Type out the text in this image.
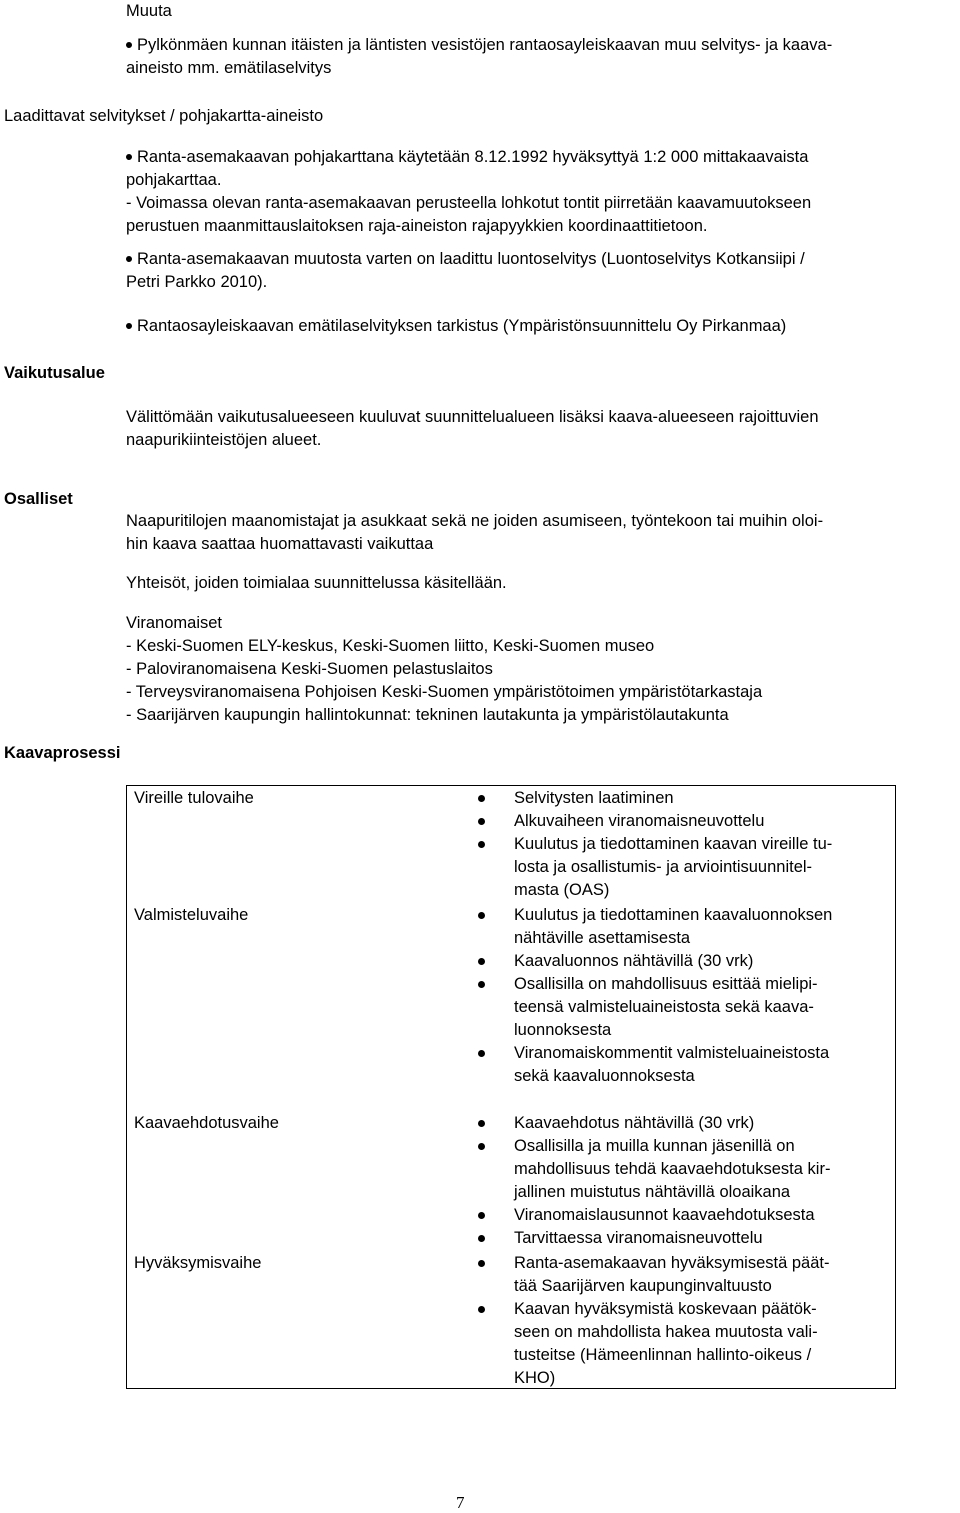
Muuta
Pylkönmäen kunnan itäisten ja läntisten vesistöjen rantaosayleiskaavan muu selvitys- ja kaava-
aineisto mm. emätilaselvitys
Laadittavat selvitykset / pohjakartta-aineisto
Ranta-asemakaavan pohjakarttana käytetään 8.12.1992 hyväksyttyä 1:2 000 mittakaavaista
pohjakarttaa.
- Voimassa olevan ranta-asemakaavan perusteella lohkotut tontit piirretään kaavamuutokseen
perustuen maanmittauslaitoksen raja-aineiston rajapyykkien koordinaattitietoon.
Ranta-asemakaavan muutosta varten on laadittu luontoselvitys (Luontoselvitys Kotkansiipi /
Petri Parkko 2010).
Rantaosayleiskaavan emätilaselvityksen tarkistus (Ympäristönsuunnittelu Oy Pirkanmaa)
Vaikutusalue
Välittömään vaikutusalueeseen kuuluvat suunnittelualueen lisäksi kaava-alueeseen rajoittuvien
naapurikiinteistöjen alueet.
Osalliset
Naapuritilojen maanomistajat ja asukkaat sekä ne joiden asumiseen, työntekoon tai muihin oloi-
hin kaava saattaa huomattavasti vaikuttaa
Yhteisöt, joiden toimialaa suunnittelussa käsitellään.
Viranomaiset
- Keski-Suomen ELY-keskus, Keski-Suomen liitto, Keski-Suomen museo
- Paloviranomaisena Keski-Suomen pelastuslaitos
- Terveysviranomaisena Pohjoisen Keski-Suomen ympäristötoimen ympäristötarkastaja
- Saarijärven kaupungin hallintokunnat: tekninen lautakunta ja ympäristölautakunta
Kaavaprosessi
Vireille tulovaihe	Selvitysten laatiminen
Alkuvaiheen viranomaisneuvottelu
Kuulutus ja tiedottaminen kaavan vireille tu-
losta ja osallistumis- ja arviointisuunnitel-
masta (OAS)
Valmisteluvaihe	Kuulutus ja tiedottaminen kaavaluonnoksen
nähtäville asettamisesta
Kaavaluonnos nähtävillä (30 vrk)
Osallisilla on mahdollisuus esittää mielipi-
teensä valmisteluaineistosta sekä kaava-
luonnoksesta
Viranomaiskommentit valmisteluaineistosta
sekä kaavaluonnoksesta
Kaavaehdotusvaihe	Kaavaehdotus nähtävillä (30 vrk)
Osallisilla ja muilla kunnan jäsenillä on
mahdollisuus tehdä kaavaehdotuksesta kir-
jallinen muistutus nähtävillä oloaikana
Viranomaislausunnot kaavaehdotuksesta
Tarvittaessa viranomaisneuvottelu
Hyväksymisvaihe	Ranta-asemakaavan hyväksymisestä päät-
tää Saarijärven kaupunginvaltuusto
Kaavan hyväksymistä koskevaan päätök-
seen on mahdollista hakea muutosta vali-
tusteitse (Hämeenlinnan hallinto-oikeus /
KHO)
7
